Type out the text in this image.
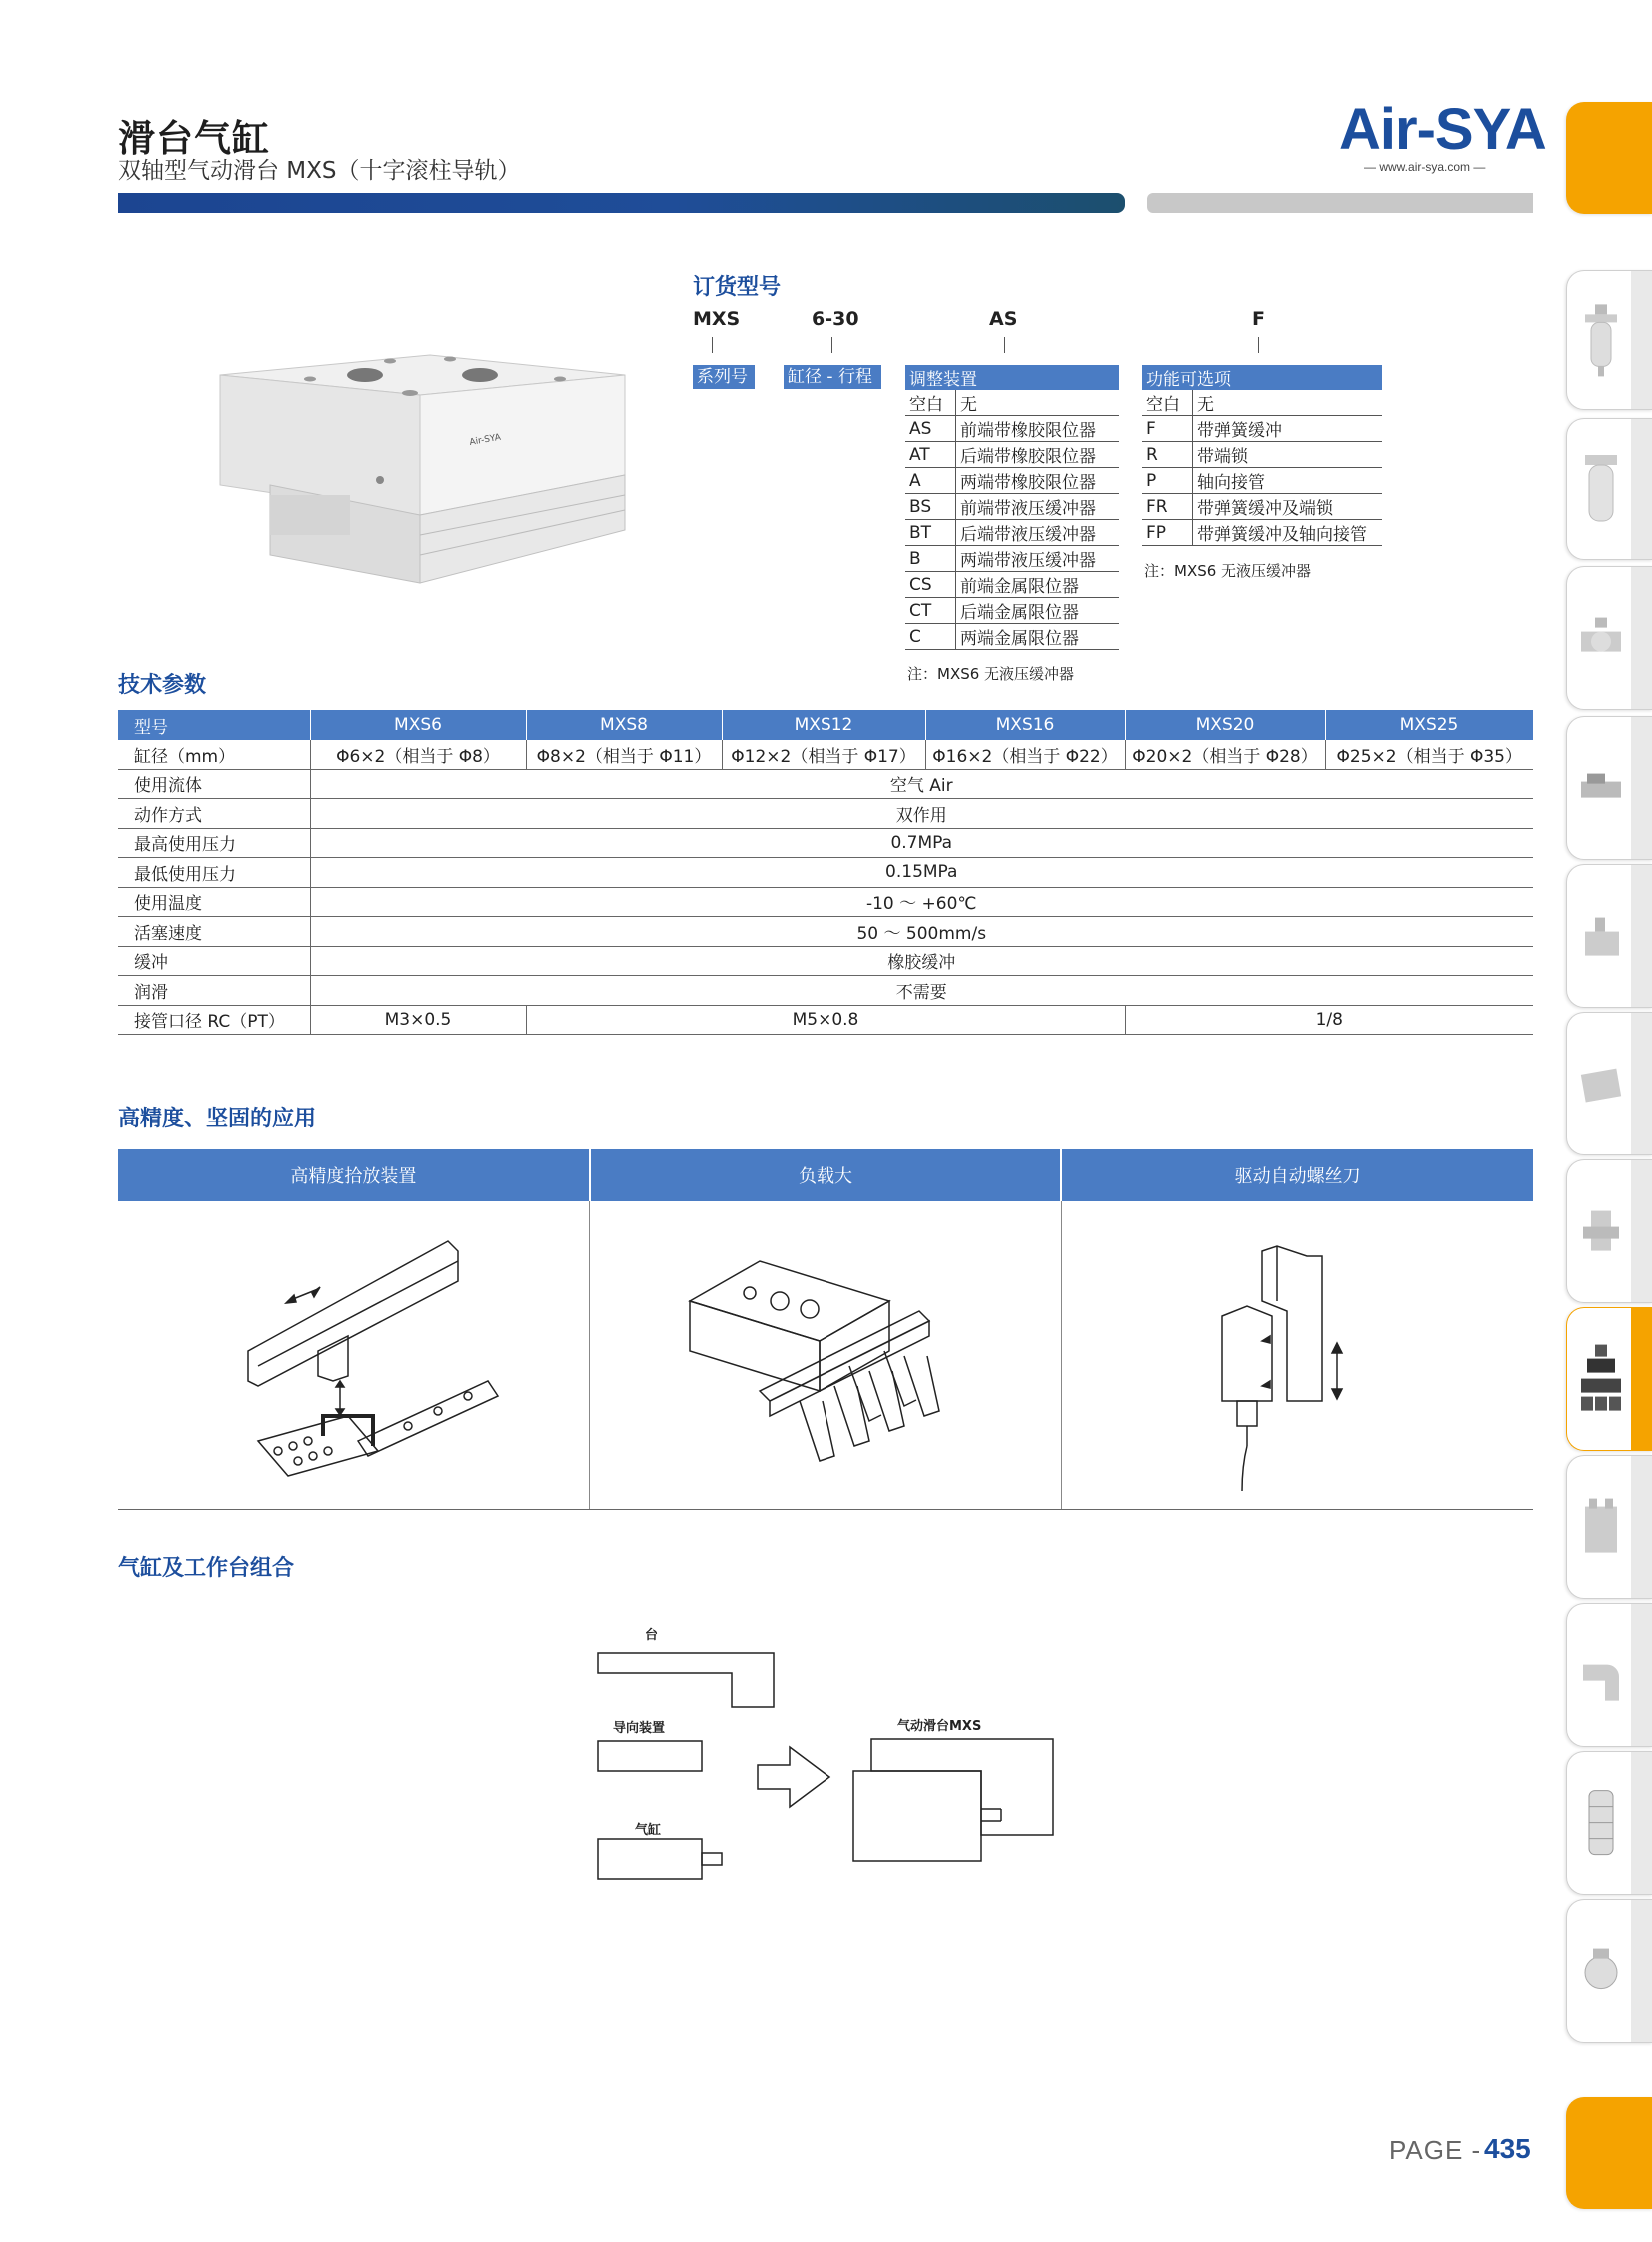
滑台气缸
双轴型气动滑台 MXS（十字滚柱导轨）
Air-SYA
— www.air-sya.com —
Air-SYA
订货型号
MXS	6-30	AS	F
系列号	缸径 - 行程	调整装置	
空白	无
AS	前端带橡胶限位器
AT	后端带橡胶限位器
A	两端带橡胶限位器
BS	前端带液压缓冲器
BT	后端带液压缓冲器
B	两端带液压缓冲器
CS	前端金属限位器
CT	后端金属限位器
C	两端金属限位器
注：MXS6 无液压缓冲器
功能可选项	
空白	无
F	带弹簧缓冲
R	带端锁
P	轴向接管
FR	带弹簧缓冲及端锁
FP	带弹簧缓冲及轴向接管
注：MXS6 无液压缓冲器
技术参数
型号	MXS6	MXS8	MXS12	MXS16	MXS20	MXS25
缸径（mm）	Φ6×2（相当于 Φ8）	Φ8×2（相当于 Φ11）	Φ12×2（相当于 Φ17）	Φ16×2（相当于 Φ22）	Φ20×2（相当于 Φ28）	Φ25×2（相当于 Φ35）
使用流体	空气 Air					
动作方式	双作用					
最高使用压力	0.7MPa					
最低使用压力	0.15MPa					
使用温度	-10 ～ +60℃					
活塞速度	50 ～ 500mm/s					
缓冲	橡胶缓冲					
润滑	不需要					
接管口径 RC（PT）	M3×0.5	M5×0.8			1/8	
高精度、坚固的应用
高精度拾放装置	负载大	驱动自动螺丝刀
气缸及工作台组合
台
导向装置
气缸
气动滑台MXS
PAGE - 435
